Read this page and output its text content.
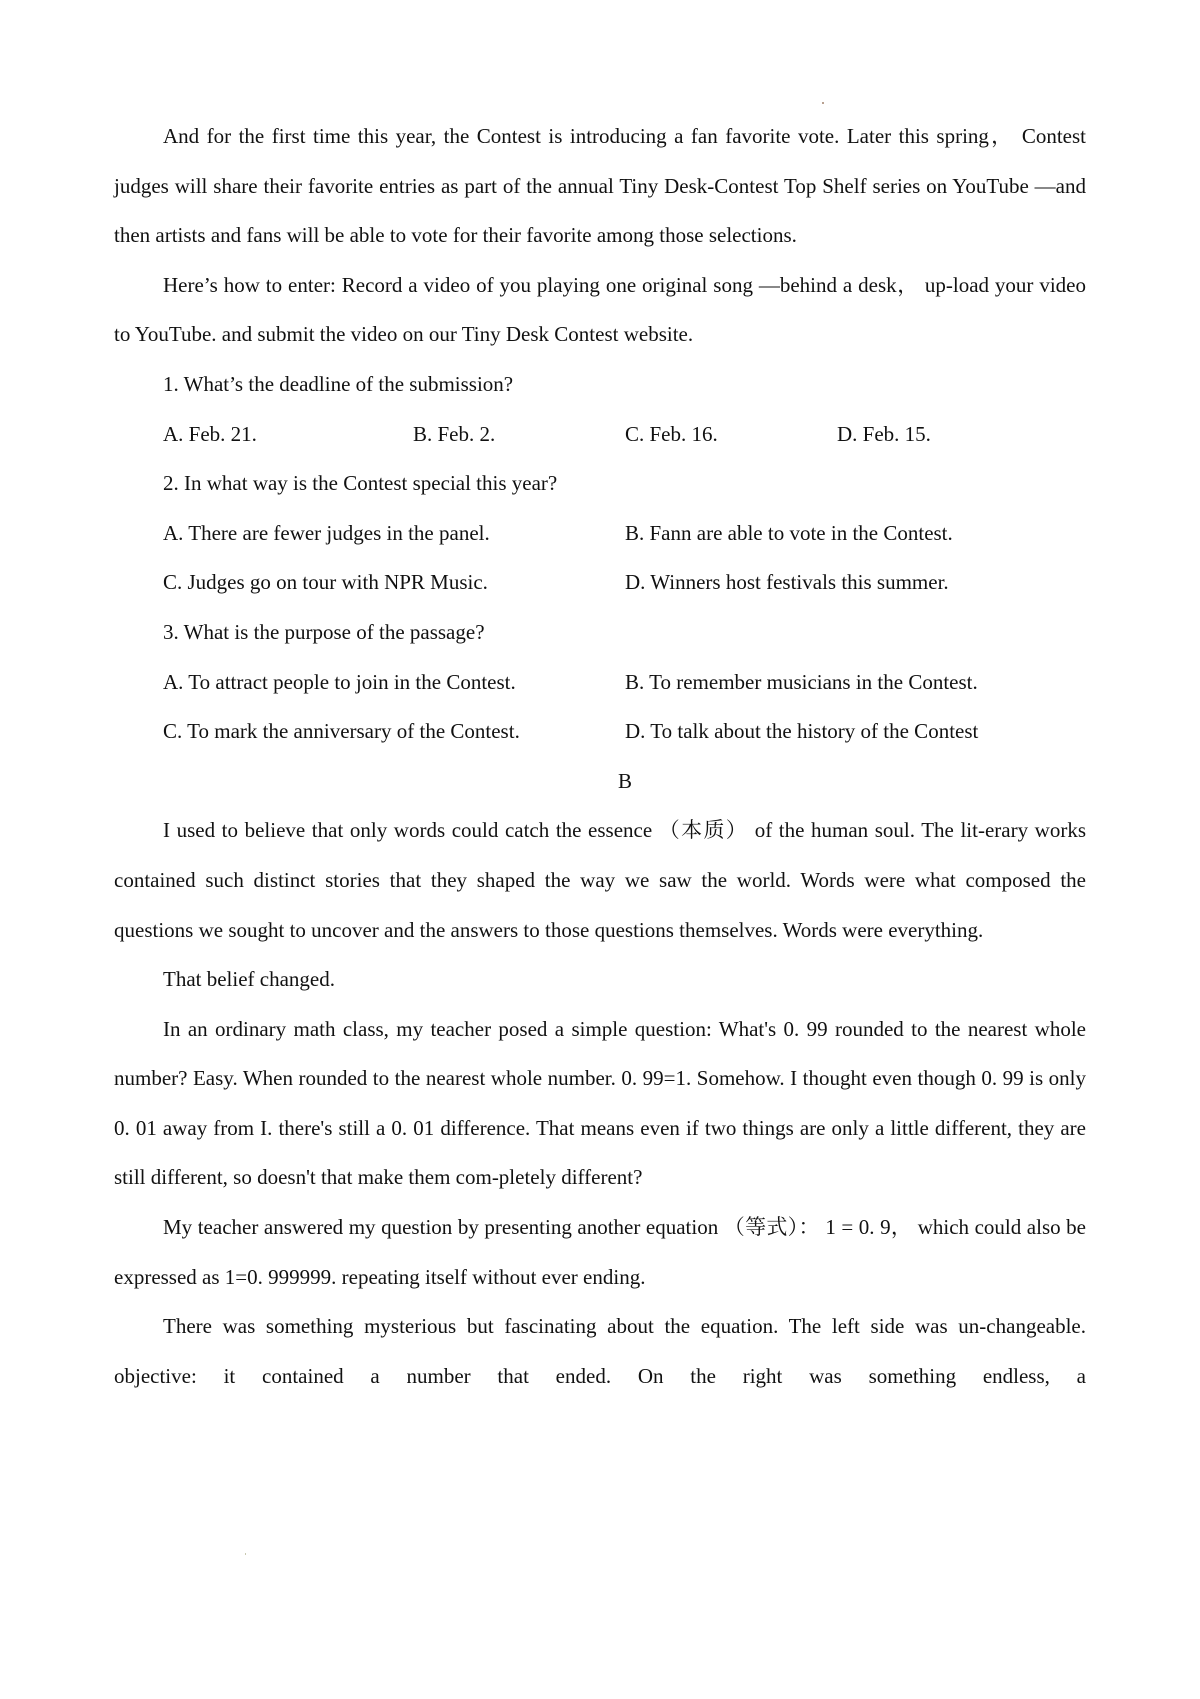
And for the first time this year, the Contest is introducing a fan favorite vote. Later this spring， Contest judges will share their favorite entries as part of the annual Tiny Desk-Contest Top Shelf series on YouTube —and then artists and fans will be able to vote for their favorite among those selections.

Here’s how to enter: Record a video of you playing one original song —behind a desk， up-load your video to YouTube. and submit the video on our Tiny Desk Contest website.

1. What’s the deadline of the submission?

A. Feb. 21.	B. Feb. 2.	C. Feb. 16.	D. Feb. 15.

2. In what way is the Contest special this year?

A. There are fewer judges in the panel.	B. Fann are able to vote in the Contest.
C. Judges go on tour with NPR Music.	D. Winners host festivals this summer.

3. What is the purpose of the passage?

A. To attract people to join in the Contest.	B. To remember musicians in the Contest.
C. To mark the anniversary of the Contest.	D. To talk about the history of the Contest

B

I used to believe that only words could catch the essence （本质） of the human soul. The lit-erary works contained such distinct stories that they shaped the way we saw the world. Words were what composed the questions we sought to uncover and the answers to those questions themselves. Words were everything.

That belief changed.

In an ordinary math class, my teacher posed a simple question: What's 0. 99 rounded to the nearest whole number? Easy. When rounded to the nearest whole number. 0. 99=1. Somehow. I thought even though 0. 99 is only 0. 01 away from I. there's still a 0. 01 difference. That means even if two things are only a little different, they are still different, so doesn't that make them com-pletely different?

My teacher answered my question by presenting another equation （等式）： 1 = 0. 9， which could also be expressed as 1=0. 999999. repeating itself without ever ending.

There was something mysterious but fascinating about the equation. The left side was un-changeable. objective: it contained a number that ended. On the right was something endless, a
